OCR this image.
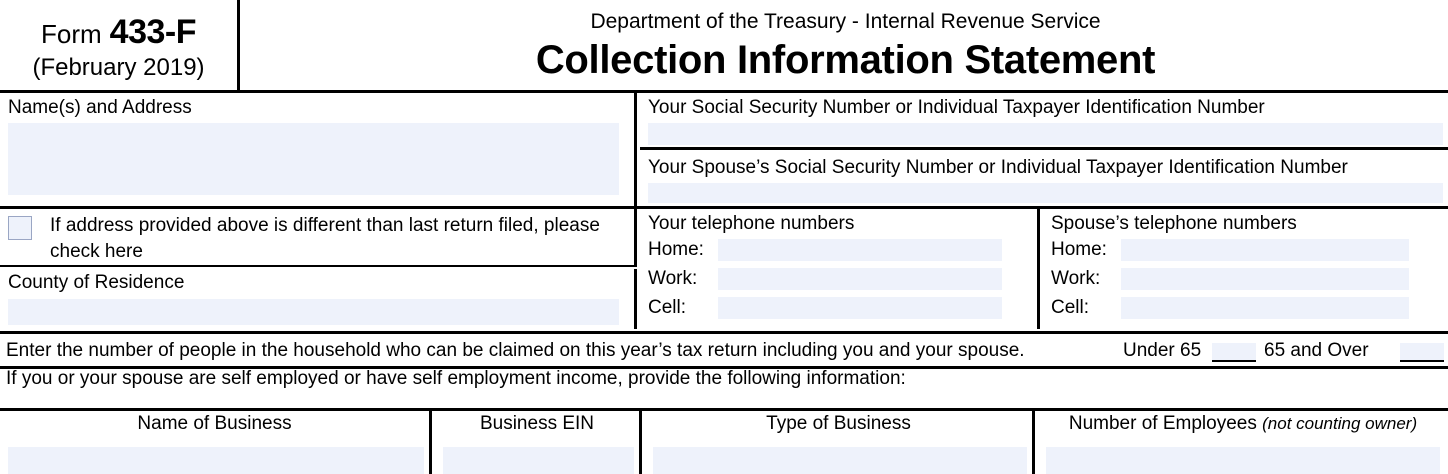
Form 433-F
(February 2019)
Department of the Treasury - Internal Revenue Service
Collection Information Statement
Name(s) and Address	Your Social Security Number or Individual Taxpayer Identification Number
Your Spouse’s Social Security Number or Individual Taxpayer Identification Number
If address provided above is different than last return filed, please check here
County of Residence
Your telephone numbers
Home:
Work:
Cell:
Spouse’s telephone numbers
Home:
Work:
Cell:
Enter the number of people in the household who can be claimed on this year’s tax return including you and your spouse.	Under 65	65 and Over
If you or your spouse are self employed or have self employment income, provide the following information:
Name of Business	Business EIN	Type of Business	Number of Employees (not counting owner)
